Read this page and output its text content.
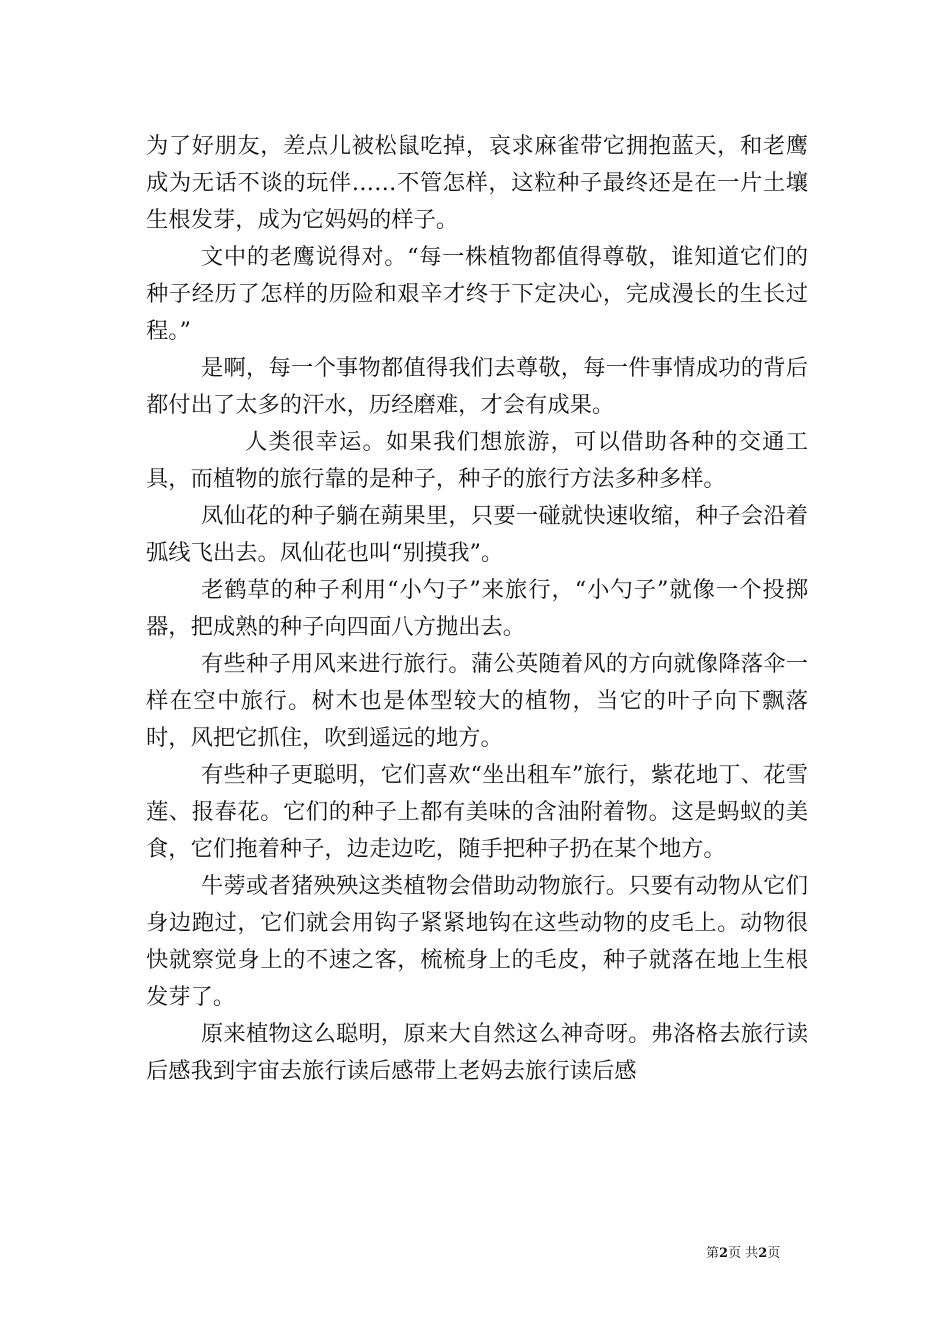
为了好朋友，差点儿被松鼠吃掉，哀求麻雀带它拥抱蓝天，和老鹰成为无话不谈的玩伴……不管怎样，这粒种子最终还是在一片土壤生根发芽，成为它妈妈的样子。

文中的老鹰说得对。“每一株植物都值得尊敬，谁知道它们的种子经历了怎样的历险和艰辛才终于下定决心，完成漫长的生长过程。”

是啊，每一个事物都值得我们去尊敬，每一件事情成功的背后都付出了太多的汗水，历经磨难，才会有成果。

人类很幸运。如果我们想旅游，可以借助各种的交通工具，而植物的旅行靠的是种子，种子的旅行方法多种多样。

凤仙花的种子躺在蒴果里，只要一碰就快速收缩，种子会沿着弧线飞出去。凤仙花也叫“别摸我”。

老鹤草的种子利用“小勺子”来旅行，“小勺子”就像一个投掷器，把成熟的种子向四面八方抛出去。

有些种子用风来进行旅行。蒲公英随着风的方向就像降落伞一样在空中旅行。树木也是体型较大的植物，当它的叶子向下飘落时，风把它抓住，吹到遥远的地方。

有些种子更聪明，它们喜欢“坐出租车”旅行，紫花地丁、花雪莲、报春花。它们的种子上都有美味的含油附着物。这是蚂蚁的美食，它们拖着种子，边走边吃，随手把种子扔在某个地方。

牛蒡或者猪殃殃这类植物会借助动物旅行。只要有动物从它们身边跑过，它们就会用钩子紧紧地钩在这些动物的皮毛上。动物很快就察觉身上的不速之客，梳梳身上的毛皮，种子就落在地上生根发芽了。

原来植物这么聪明，原来大自然这么神奇呀。弗洛格去旅行读后感我到宇宙去旅行读后感带上老妈去旅行读后感

第2页 共2页
